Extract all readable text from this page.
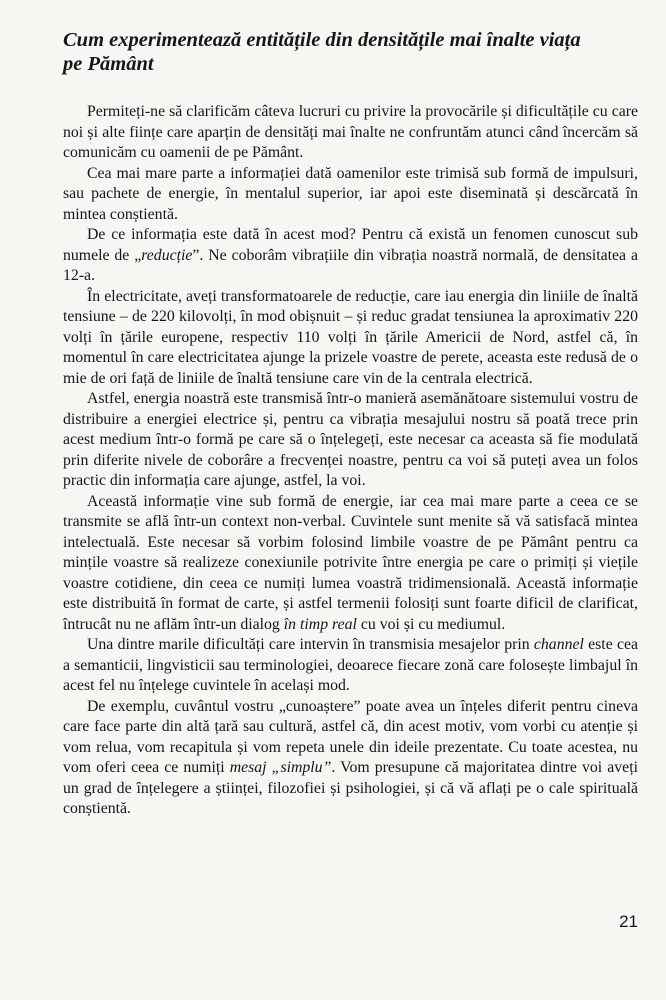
Cum experimentează entitățile din densitățile mai înalte viața pe Pământ

Permiteți-ne să clarificăm câteva lucruri cu privire la provocările și dificultățile cu care noi și alte ființe care aparțin de densități mai înalte ne confruntăm atunci când încercăm să comunicăm cu oamenii de pe Pământ.

Cea mai mare parte a informației dată oamenilor este trimisă sub formă de impulsuri, sau pachete de energie, în mentalul superior, iar apoi este diseminată și descărcată în mintea conștientă.

De ce informația este dată în acest mod? Pentru că există un fenomen cunoscut sub numele de „reducție”. Ne coborâm vibrațiile din vibrația noastră normală, de densitatea a 12-a.

În electricitate, aveți transformatoarele de reducție, care iau energia din liniile de înaltă tensiune – de 220 kilovolți, în mod obișnuit – și reduc gradat tensiunea la aproximativ 220 volți în țările europene, respectiv 110 volți în țările Americii de Nord, astfel că, în momentul în care electricitatea ajunge la prizele voastre de perete, aceasta este redusă de o mie de ori față de liniile de înaltă tensiune care vin de la centrala electrică.

Astfel, energia noastră este transmisă într-o manieră asemănătoare sistemului vostru de distribuire a energiei electrice și, pentru ca vibrația mesajului nostru să poată trece prin acest medium într-o formă pe care să o înțelegeți, este necesar ca aceasta să fie modulată prin diferite nivele de coborâre a frecvenței noastre, pentru ca voi să puteți avea un folos practic din informația care ajunge, astfel, la voi.

Această informație vine sub formă de energie, iar cea mai mare parte a ceea ce se transmite se află într-un context non-verbal. Cuvintele sunt menite să vă satisfacă mintea intelectuală. Este necesar să vorbim folosind limbile voastre de pe Pământ pentru ca mințile voastre să realizeze conexiunile potrivite între energia pe care o primiți și viețile voastre cotidiene, din ceea ce numiți lumea voastră tridimensională. Această informație este distribuită în format de carte, și astfel termenii folosiți sunt foarte dificil de clarificat, întrucât nu ne aflăm într-un dialog în timp real cu voi și cu mediumul.

Una dintre marile dificultăți care intervin în transmisia mesajelor prin channel este cea a semanticii, lingvisticii sau terminologiei, deoarece fiecare zonă care folosește limbajul în acest fel nu înțelege cuvintele în același mod.

De exemplu, cuvântul vostru „cunoaștere” poate avea un înțeles diferit pentru cineva care face parte din altă țară sau cultură, astfel că, din acest motiv, vom vorbi cu atenție și vom relua, vom recapitula și vom repeta unele din ideile prezentate. Cu toate acestea, nu vom oferi ceea ce numiți mesaj „simplu”. Vom presupune că majoritatea dintre voi aveți un grad de înțelegere a științei, filozofiei și psihologiei, și că vă aflați pe o cale spirituală conștientă.

21
